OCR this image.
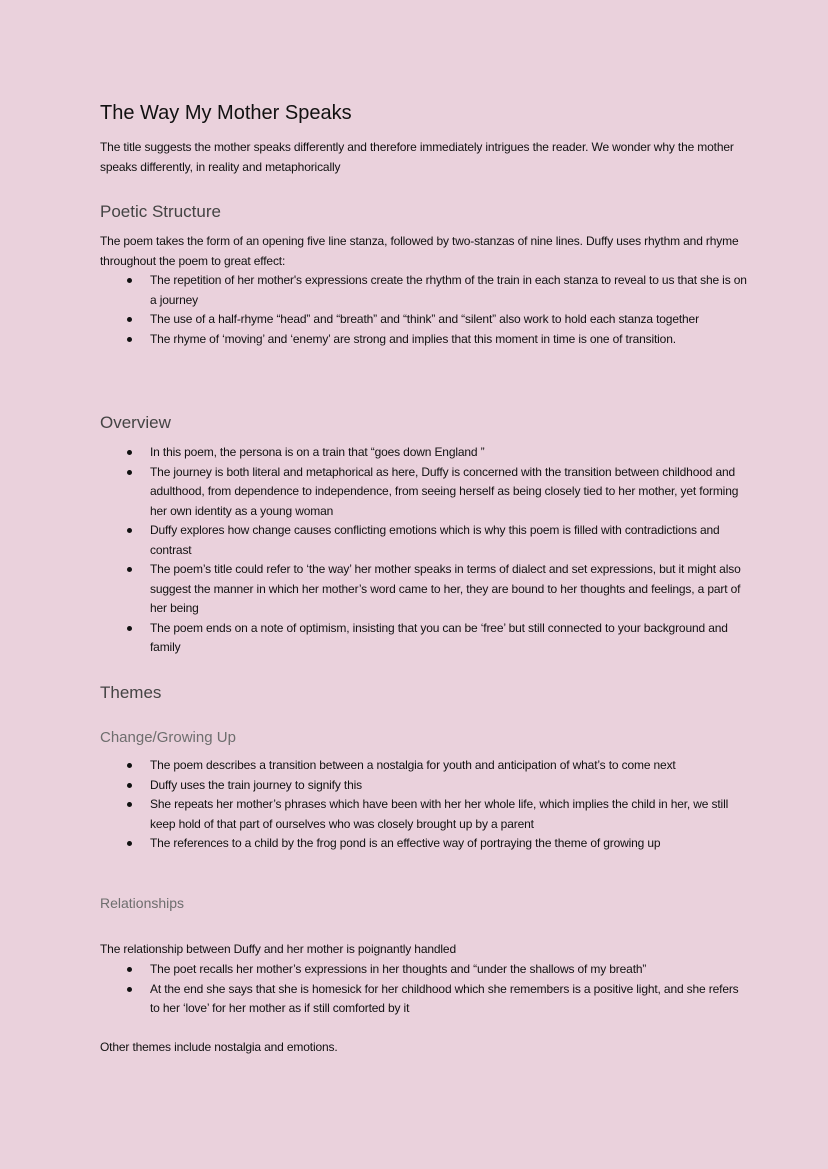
The Way My Mother Speaks

The title suggests the mother speaks differently and therefore immediately intrigues the reader. We wonder why the mother speaks differently, in reality and metaphorically

Poetic Structure

The poem takes the form of an opening five line stanza, followed by two-stanzas of nine lines. Duffy uses rhythm and rhyme throughout the poem to great effect:

The repetition of her mother's expressions create the rhythm of the train in each stanza to reveal to us that she is on a journey
The use of a half-rhyme “head” and “breath” and “think” and “silent” also work to hold each stanza together
The rhyme of ‘moving’ and ‘enemy’ are strong and implies that this moment in time is one of transition.
Overview
In this poem, the persona is on a train that “goes down England ”
The journey is both literal and metaphorical as here, Duffy is concerned with the transition between childhood and adulthood, from dependence to independence, from seeing herself as being closely tied to her mother, yet forming her own identity as a young woman
Duffy explores how change causes conflicting emotions which is why this poem is filled with contradictions and contrast
The poem’s title could refer to ‘the way’ her mother speaks in terms of dialect and set expressions, but it might also suggest the manner in which her mother’s word came to her, they are bound to her thoughts and feelings, a part of her being
The poem ends on a note of optimism, insisting that you can be ‘free’ but still connected to your background and family
Themes
Change/Growing Up
The poem describes a transition between a nostalgia for youth and anticipation of what’s to come next
Duffy uses the train journey to signify this
She repeats her mother’s phrases which have been with her her whole life, which implies the child in her, we still keep hold of that part of ourselves who was closely brought up by a parent
The references to a child by the frog pond is an effective way of portraying the theme of growing up
Relationships

The relationship between Duffy and her mother is poignantly handled

The poet recalls her mother’s expressions in her thoughts and “under the shallows of my breath”
At the end she says that she is homesick for her childhood which she remembers is a positive light, and she refers to her ‘love’ for her mother as if still comforted by it

Other themes include nostalgia and emotions.
